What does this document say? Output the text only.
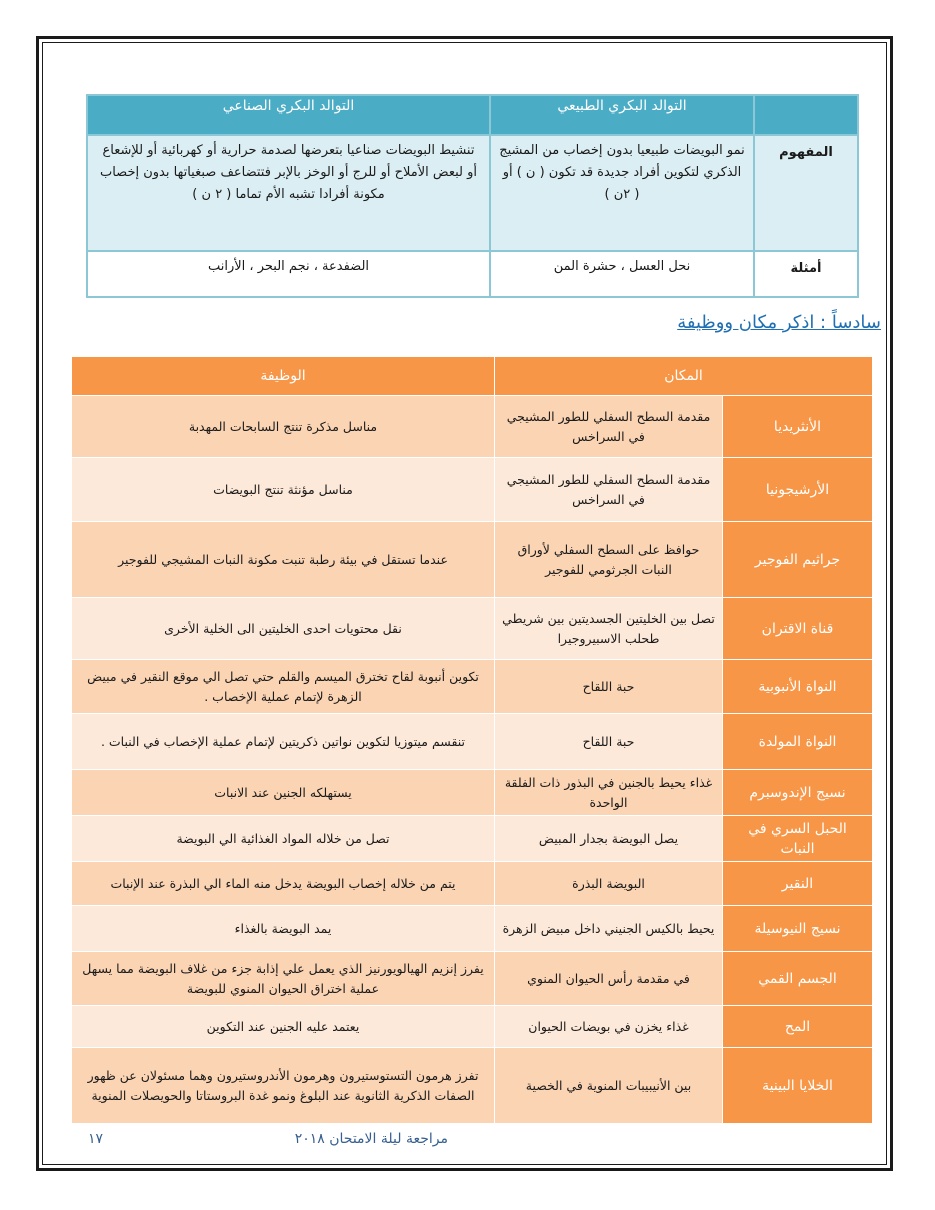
	التوالد البكري الطبيعي	التوالد البكري الصناعي
المفهوم	نمو البويضات طبيعيا بدون إخصاب من المشيج الذكري لتكوين أفراد جديدة قد تكون ( ن ) أو ( ٢ن )	تنشيط البويضات صناعيا بتعرضها لصدمة حرارية أو كهربائية أو للإشعاع أو لبعض الأملاح أو للرج أو الوخز بالإبر فتتضاعف صبغياتها بدون إخصاب مكونة أفرادا تشبه الأم تماما ( ٢ ن )
أمثلة	نحل العسل ، حشرة المن	الضفدعة ، نجم البحر ، الأرانب
سادساً : اذكر مكان ووظيفة
المكان		الوظيفة
الأنثريديا	مقدمة السطح السفلي للطور المشيجي في السراخس	مناسل مذكرة تنتج السابحات المهدبة
الأرشيجونيا	مقدمة السطح السفلي للطور المشيجي في السراخس	مناسل مؤنثة تنتج البويضات
جراثيم الفوجير	حوافظ على السطح السفلي لأوراق النبات الجرثومي للفوجير	عندما تستقل في بيئة رطبة تنبت مكونة النبات المشيجي للفوجير
قناة الاقتران	تصل بين الخليتين الجسديتين بين شريطي طحلب الاسبيروجيرا	نقل محتويات احدى الخليتين الى الخلية الأخرى
النواة الأنبوبية	حبة اللقاح	تكوين أنبوبة لقاح تخترق الميسم والقلم حتي تصل الي موقع النقير في مبيض الزهرة لإتمام عملية الإخصاب .
النواة المولدة	حبة اللقاح	تنقسم ميتوزيا لتكوين نواتين ذكريتين لإتمام عملية الإخصاب في النبات .
نسيج الإندوسبرم	غذاء يحيط بالجنين في البذور ذات الفلقة الواحدة	يستهلكه الجنين عند الانبات
الحبل السري في النبات	يصل البويضة بجدار المبيض	تصل من خلاله المواد الغذائية الي البويضة
النقير	البويضة البذرة	يتم من خلاله إخصاب البويضة يدخل منه الماء الي البذرة عند الإنبات
نسيج النيوسيلة	يحيط بالكيس الجنيني داخل مبيض الزهرة	يمد البويضة بالغذاء
الجسم القمي	في مقدمة رأس الحيوان المنوي	يفرز إنزيم الهيالويورنيز الذي يعمل علي إذابة جزء من غلاف البويضة مما يسهل عملية اختراق الحيوان المنوي للبويضة
المح	غذاء يخزن في بويضات الحيوان	يعتمد عليه الجنين عند التكوين
الخلايا البينية	بين الأنيبيبات المنوية في الخصية	تفرز هرمون التستوستيرون وهرمون الأندروستيرون وهما مسئولان عن ظهور الصفات الذكرية الثانوية عند البلوغ ونمو غدة البروستاتا والحويصلات المنوية
مراجعة ليلة الامتحان ٢٠١٨
١٧
